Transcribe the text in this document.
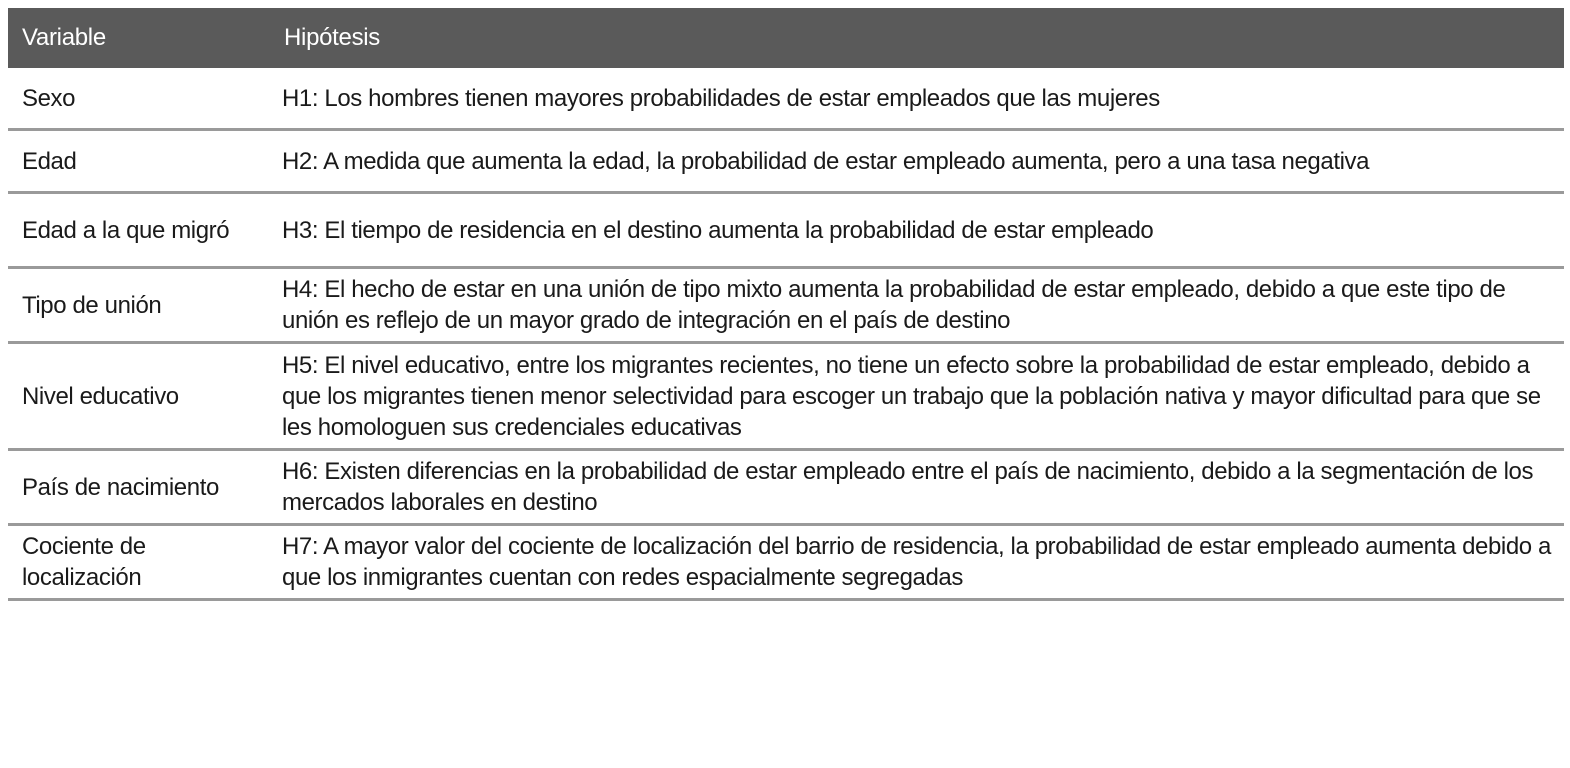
Variable	Hipótesis
Sexo	H1: Los hombres tienen mayores probabilidades de estar empleados que las mujeres
Edad	H2: A medida que aumenta la edad, la probabilidad de estar empleado aumenta, pero a una tasa negativa
Edad a la que migró	H3: El tiempo de residencia en el destino aumenta la probabilidad de estar empleado
Tipo de unión	H4: El hecho de estar en una unión de tipo mixto aumenta la probabilidad de estar empleado, debido a que este tipo de unión es reflejo de un mayor grado de integración en el país de destino
Nivel educativo	H5: El nivel educativo, entre los migrantes recientes, no tiene un efecto sobre la probabilidad de estar empleado, debido a que los migrantes tienen menor selectividad para escoger un trabajo que la población nativa y mayor dificultad para que se les homologuen sus credenciales educativas
País de nacimiento	H6: Existen diferencias en la probabilidad de estar empleado entre el país de nacimiento, debido a la segmentación de los mercados laborales en destino
Cociente de localización	H7: A mayor valor del cociente de localización del barrio de residencia, la probabilidad de estar empleado aumenta debido a que los inmigrantes cuentan con redes espacialmente segregadas
